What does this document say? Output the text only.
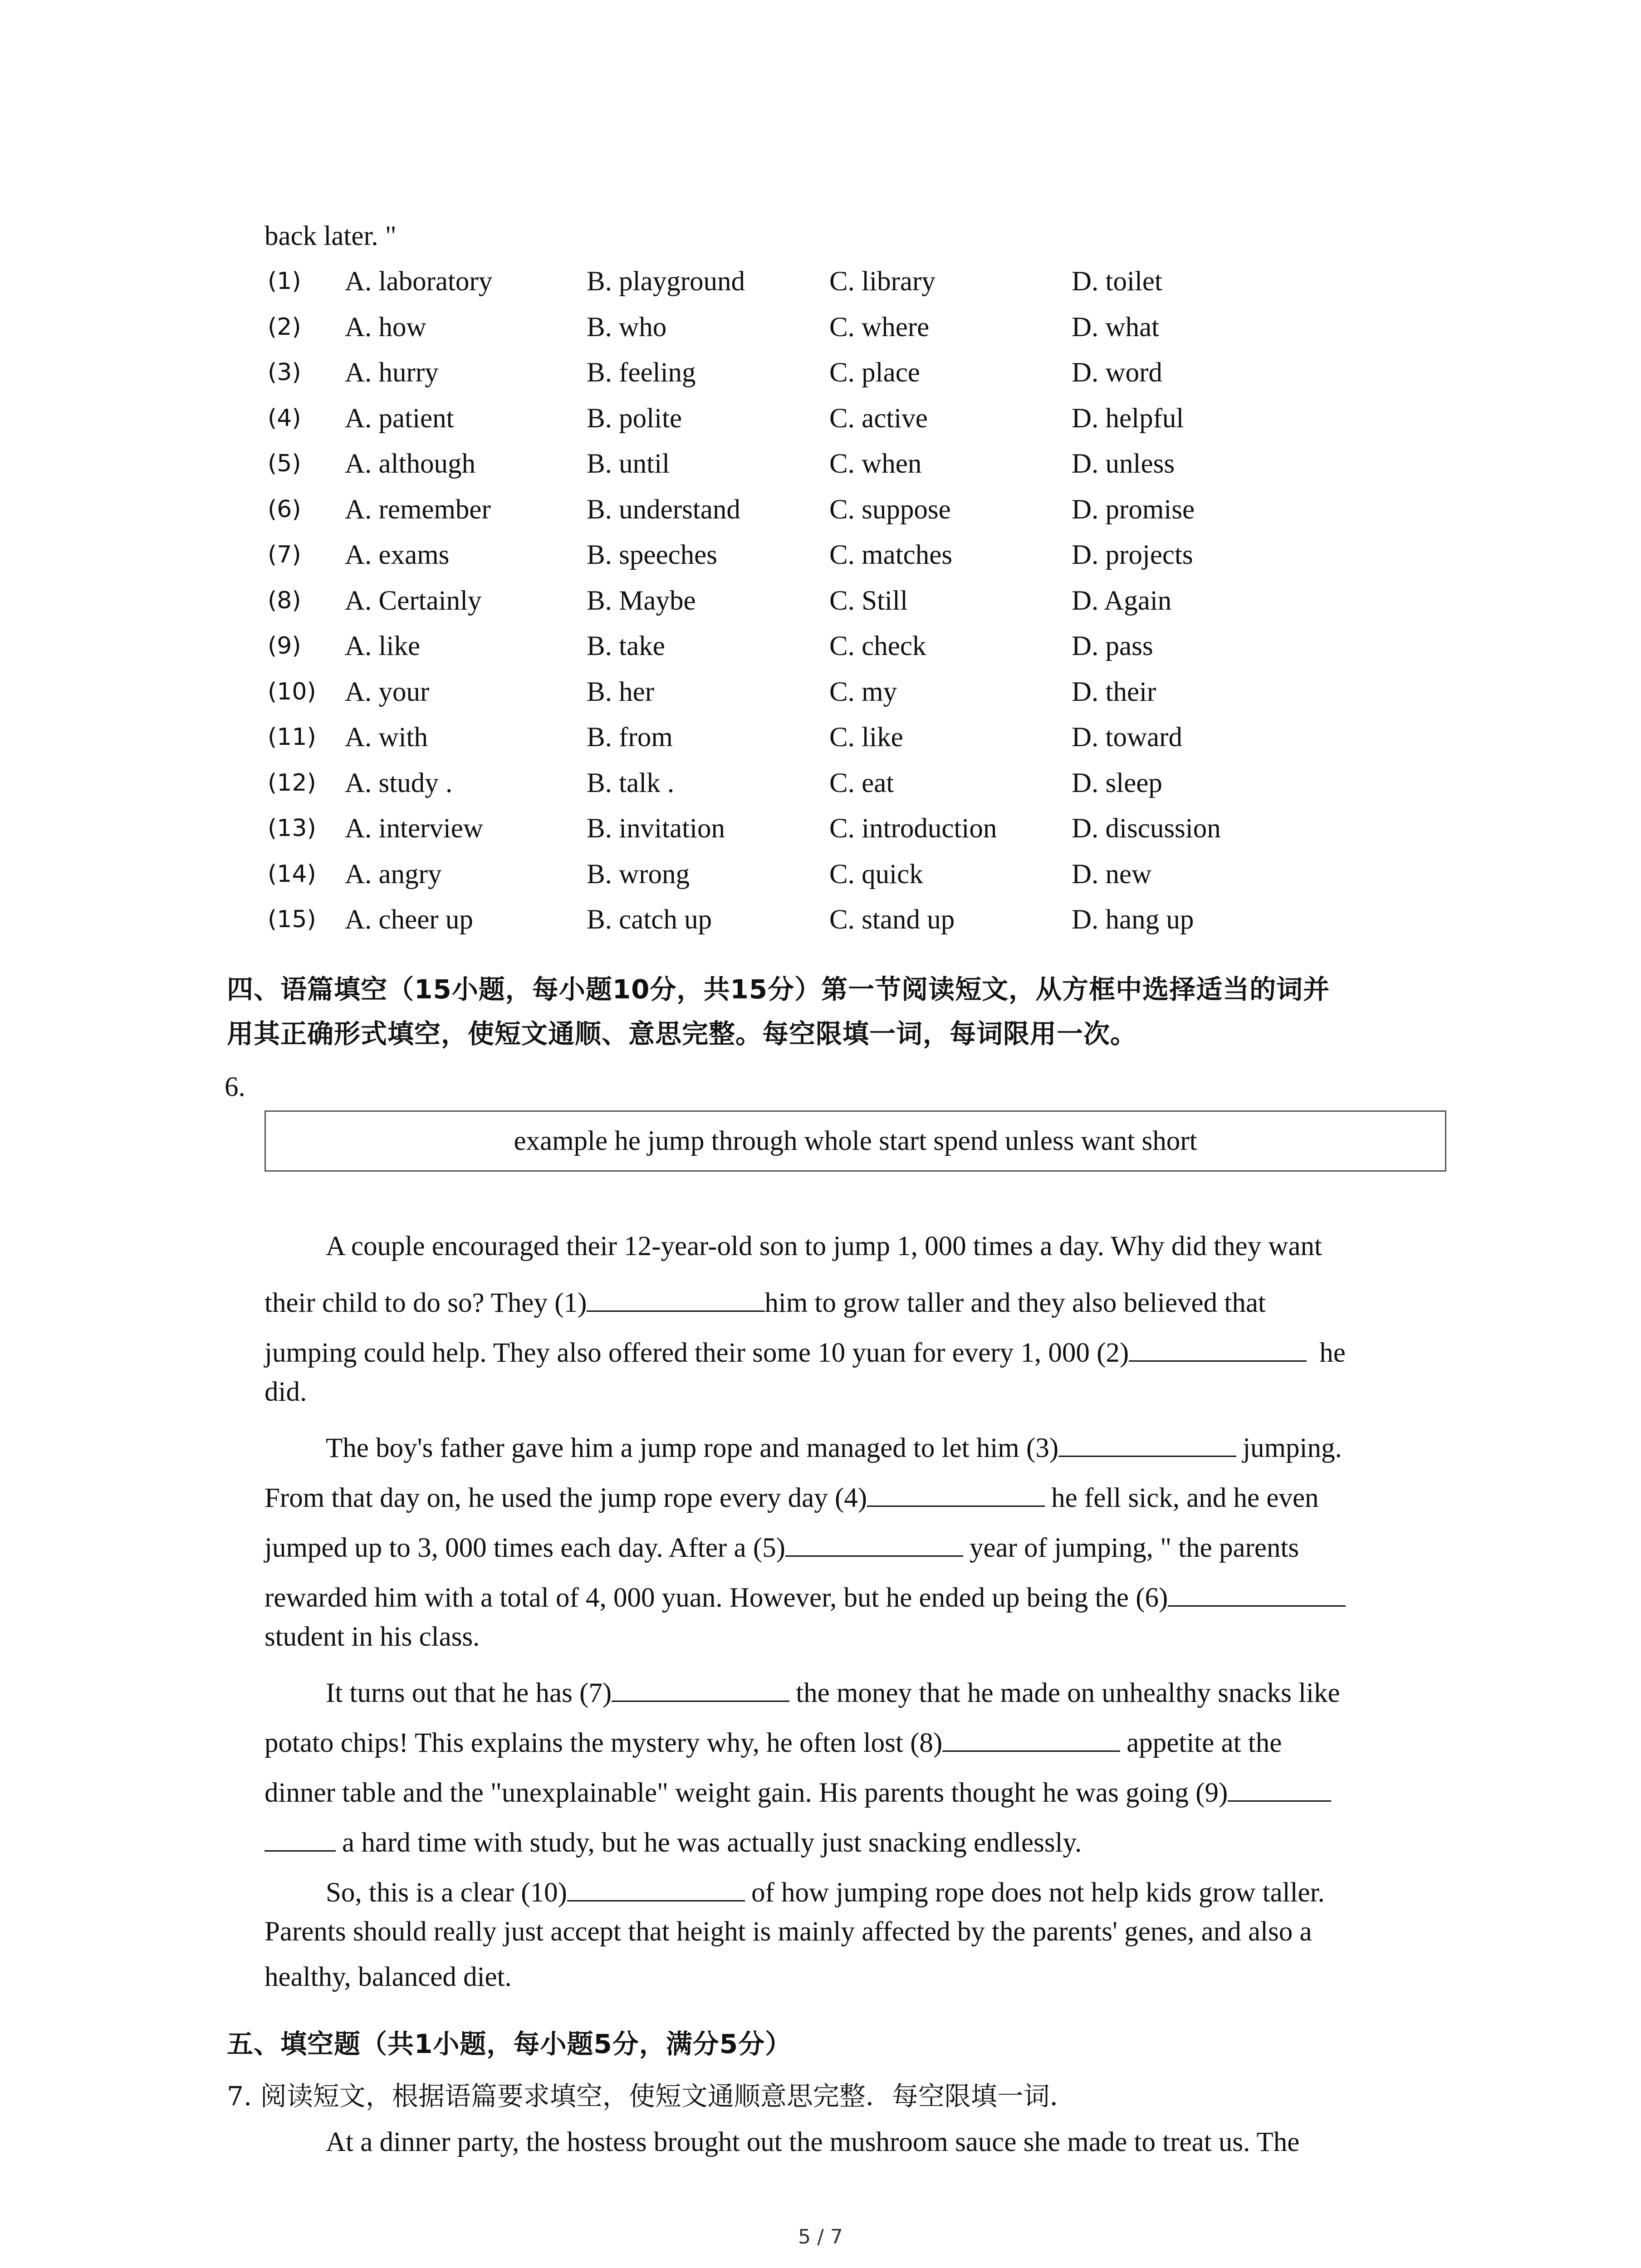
back later. "
(1) A. laboratory	B. playground	C. library	D. toilet
(2) A. how	B. who	C. where	D. what
(3) A. hurry	B. feeling	C. place	D. word
(4) A. patient	B. polite	C. active	D. helpful
(5) A. although	B. until	C. when	D. unless
(6) A. remember	B. understand	C. suppose	D. promise
(7) A. exams	B. speeches	C. matches	D. projects
(8) A. Certainly	B. Maybe	C. Still	D. Again
(9) A. like	B. take	C. check	D. pass
(10) A. your	B. her	C. my	D. their
(11) A. with	B. from	C. like	D. toward
(12) A. study .	B. talk .	C. eat	D. sleep
(13) A. interview	B. invitation	C. introduction	D. discussion
(14) A. angry	B. wrong	C. quick	D. new
(15) A. cheer up	B. catch up	C. stand up	D. hang up
四、语篇填空（15小题，每小题10分，共15分）第一节阅读短文，从方框中选择适当的词并
用其正确形式填空，使短文通顺、意思完整。每空限填一词，每词限用一次。
6.
example he jump through whole start spend unless want short
A couple encouraged their 12-year-old son to jump 1, 000 times a day. Why did they want
their child to do so? They (1)	him to grow taller and they also believed that
jumping could help. They also offered their some 10 yuan for every 1, 000 (2)	he
did.
The boy's father gave him a jump rope and managed to let him (3)	jumping.
From that day on, he used the jump rope every day (4)	he fell sick, and he even
jumped up to 3, 000 times each day. After a (5)	year of jumping, " the parents
rewarded him with a total of 4, 000 yuan. However, but he ended up being the (6)
student in his class.
It turns out that he has (7)	the money that he made on unhealthy snacks like
potato chips! This explains the mystery why, he often lost (8)	appetite at the
dinner table and the "unexplainable" weight gain. His parents thought he was going (9)
a hard time with study, but he was actually just snacking endlessly.
So, this is a clear (10)	of how jumping rope does not help kids grow taller.
Parents should really just accept that height is mainly affected by the parents' genes, and also a
healthy, balanced diet.
五、填空题（共1小题，每小题5分，满分5分）
7. 阅读短文，根据语篇要求填空，使短文通顺意思完整．每空限填一词．
At a dinner party, the hostess brought out the mushroom sauce she made to treat us. The
5 / 7
